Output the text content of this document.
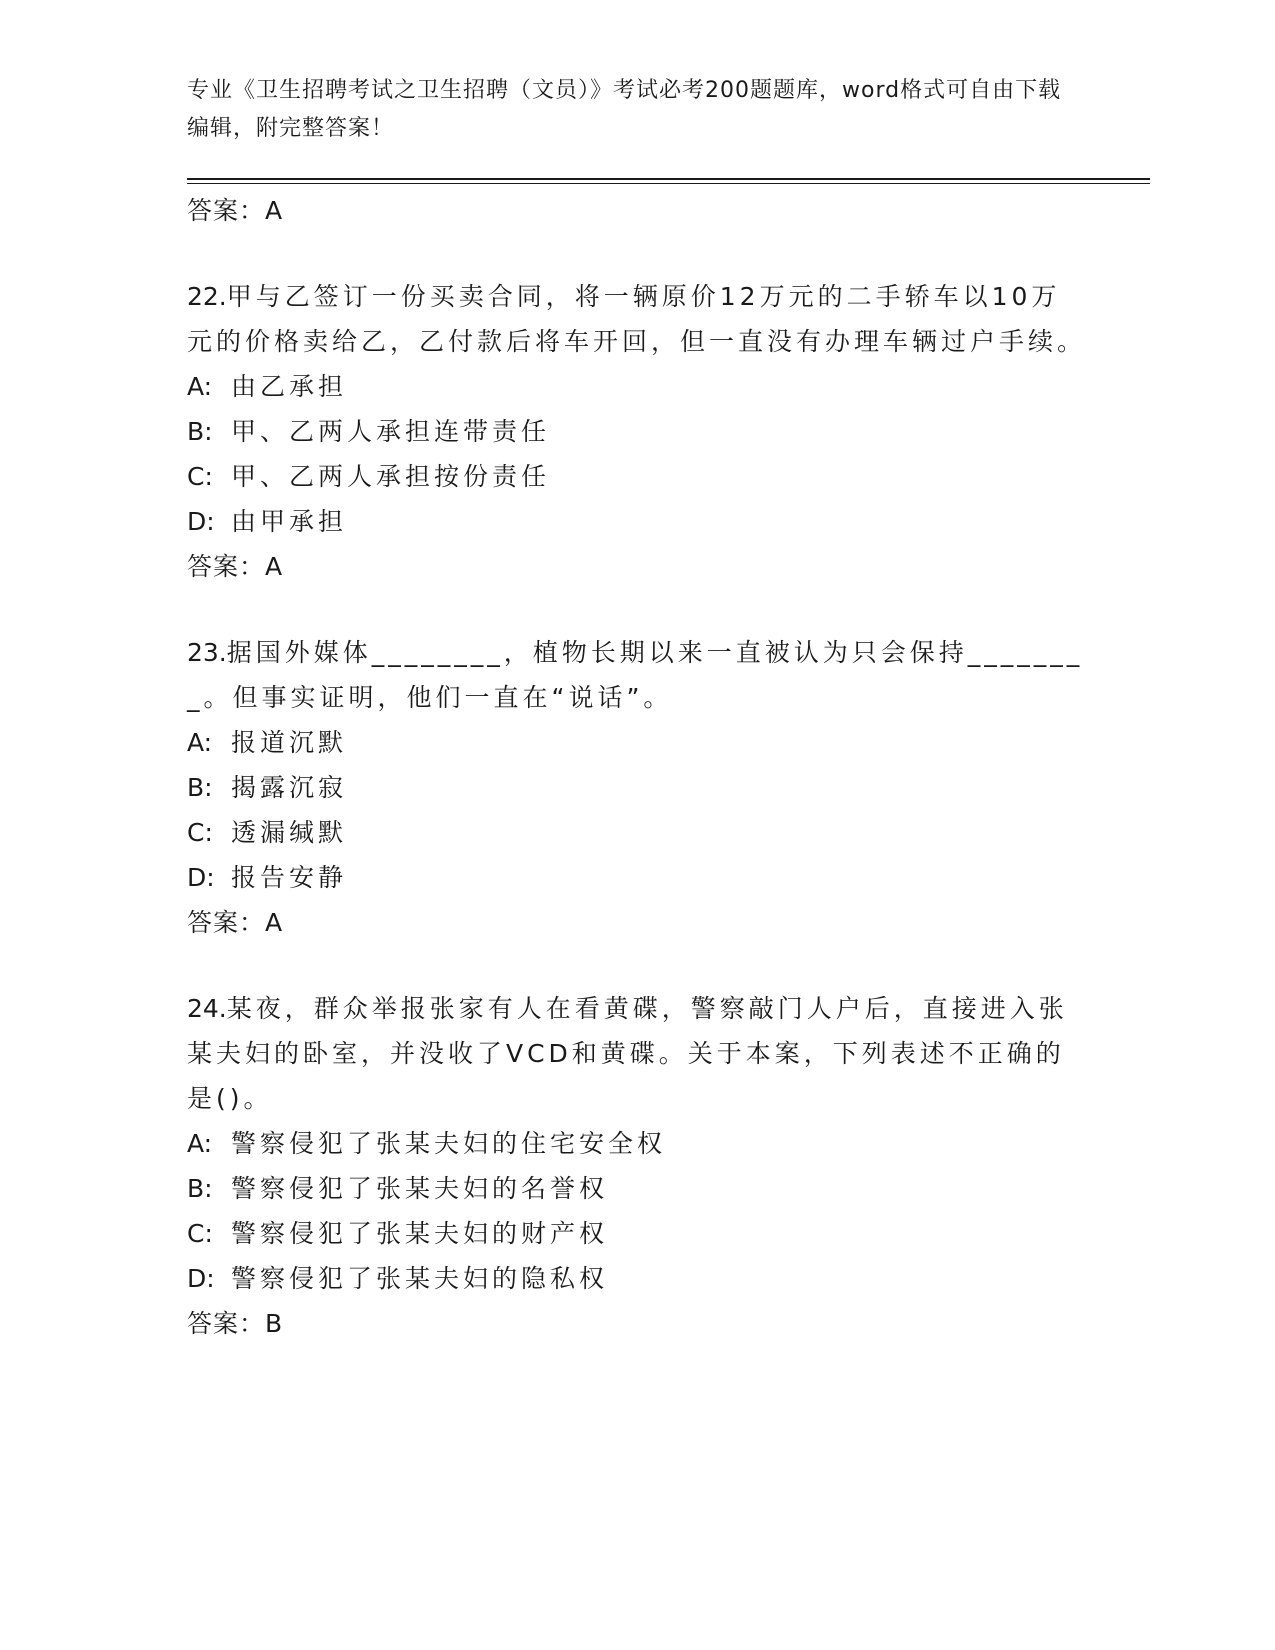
专业《卫生招聘考试之卫生招聘（文员）》考试必考200题题库，word格式可自由下载编辑，附完整答案！
答案：A
22.甲与乙签订一份买卖合同，将一辆原价12万元的二手轿车以10万元的价格卖给乙，乙付款后将车开回，但一直没有办理车辆过户手续。
A: 由乙承担
B: 甲、乙两人承担连带责任
C: 甲、乙两人承担按份责任
D: 由甲承担
答案：A
23.据国外媒体________，植物长期以来一直被认为只会保持________。但事实证明，他们一直在“说话”。
A: 报道沉默
B: 揭露沉寂
C: 透漏缄默
D: 报告安静
答案：A
24.某夜，群众举报张家有人在看黄碟，警察敲门人户后，直接进入张某夫妇的卧室，并没收了VCD和黄碟。关于本案，下列表述不正确的是()。
A: 警察侵犯了张某夫妇的住宅安全权
B: 警察侵犯了张某夫妇的名誉权
C: 警察侵犯了张某夫妇的财产权
D: 警察侵犯了张某夫妇的隐私权
答案：B
